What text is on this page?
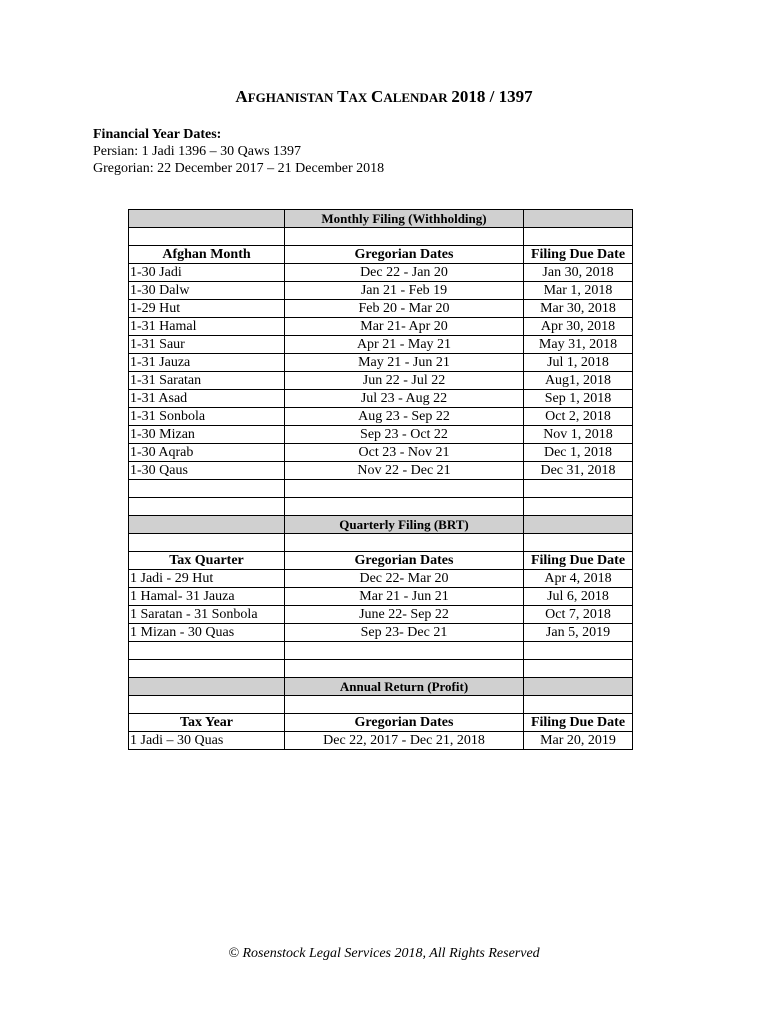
AFGHANISTAN TAX CALENDAR 2018 / 1397
Financial Year Dates:
Persian: 1 Jadi 1396 – 30 Qaws 1397
Gregorian: 22 December 2017 – 21 December 2018
	Monthly Filing (Withholding)	

Afghan Month	Gregorian Dates	Filing Due Date
1-30 Jadi	Dec 22 - Jan 20	Jan 30, 2018
1-30 Dalw	Jan 21 - Feb 19	Mar 1, 2018
1-29 Hut	Feb 20 - Mar 20	Mar 30, 2018
1-31 Hamal	Mar 21- Apr 20	Apr 30, 2018
1-31 Saur	Apr 21 - May 21	May 31, 2018
1-31 Jauza	May 21 - Jun 21	Jul 1, 2018
1-31 Saratan	Jun 22 - Jul 22	Aug1, 2018
1-31 Asad	Jul 23 - Aug 22	Sep 1, 2018
1-31 Sonbola	Aug 23 - Sep 22	Oct 2, 2018
1-30 Mizan	Sep 23 - Oct 22	Nov 1, 2018
1-30 Aqrab	Oct 23 - Nov 21	Dec 1, 2018
1-30 Qaus	Nov 22 - Dec 21	Dec 31, 2018

	Quarterly Filing (BRT)	

Tax Quarter	Gregorian Dates	Filing Due Date
1 Jadi - 29 Hut	Dec 22- Mar 20	Apr 4, 2018
1 Hamal- 31 Jauza	Mar 21 - Jun 21	Jul 6, 2018
1 Saratan - 31 Sonbola	June 22- Sep 22	Oct 7, 2018
1 Mizan - 30 Quas	Sep 23- Dec 21	Jan 5, 2019

	Annual Return (Profit)	

Tax Year	Gregorian Dates	Filing Due Date
1 Jadi – 30 Quas	Dec 22, 2017 - Dec 21, 2018	Mar 20, 2019
© Rosenstock Legal Services 2018, All Rights Reserved
